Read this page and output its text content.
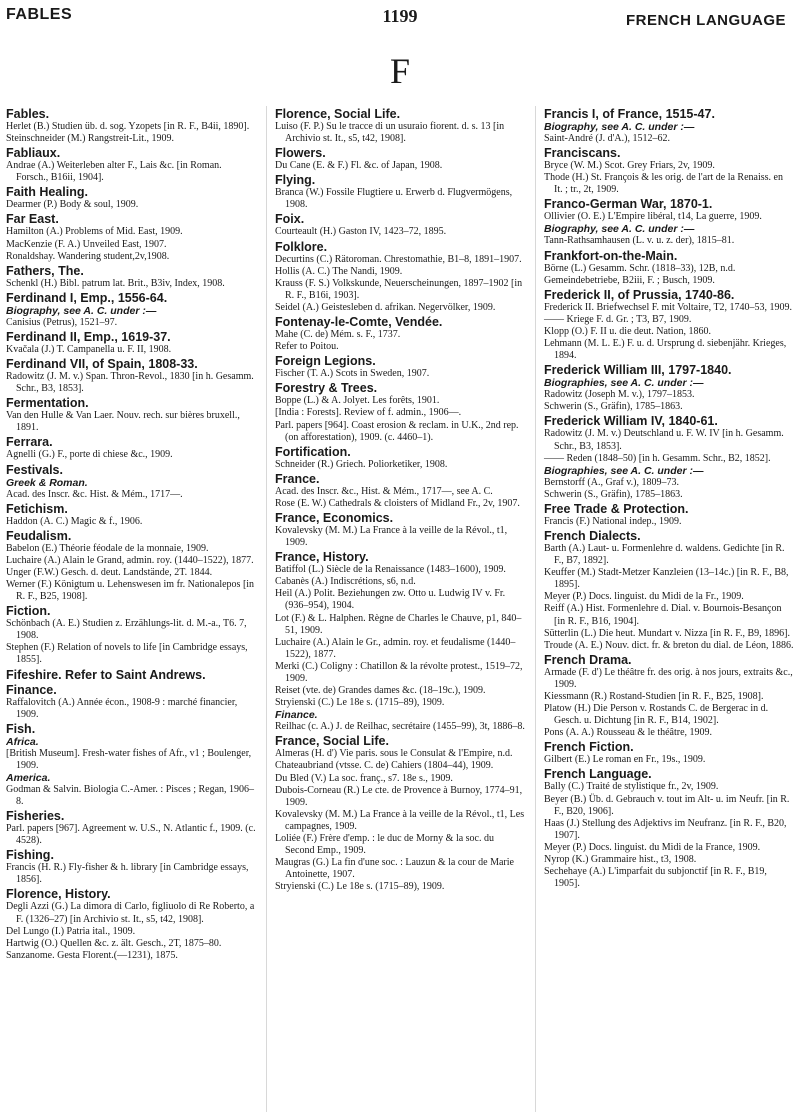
FABLES	1199	FRENCH LANGUAGE
F
Fables.

Herlet (B.) Studien üb. d. sog. Yzopets [in R. F., B4ii, 1890].

Steinschneider (M.) Rangstreit-Lit., 1909.

Fabliaux.

Andrae (A.) Weiterleben alter F., Lais &c. [in Roman. Forsch., B16ii, 1904].

Faith Healing.

Dearmer (P.) Body & soul, 1909.

Far East.

Hamilton (A.) Problems of Mid. East, 1909.

MacKenzie (F. A.) Unveiled East, 1907.

Ronaldshay. Wandering student,2v,1908.

Fathers, The.

Schenkl (H.) Bibl. patrum lat. Brit., B3iv, Index, 1908.

Ferdinand I, Emp., 1556-64.
Biography, see A. C. under :—

Canisius (Petrus), 1521–97.

Ferdinand II, Emp., 1619-37.

Kvačala (J.) T. Campanella u. F. II, 1908.

Ferdinand VII, of Spain, 1808-33.

Radowitz (J. M. v.) Span. Thron-Revol., 1830 [in h. Gesamm. Schr., B3, 1853].

Fermentation.

Van den Hulle & Van Laer. Nouv. rech. sur bières bruxell., 1891.

Ferrara.

Agnelli (G.) F., porte di chiese &c., 1909.

Festivals.
Greek & Roman.

Acad. des Inscr. &c. Hist. & Mém., 1717—.

Fetichism.

Haddon (A. C.) Magic & f., 1906.

Feudalism.

Babelon (E.) Théorie féodale de la monnaie, 1909.

Luchaire (A.) Alain le Grand, admin. roy. (1440–1522), 1877.

Unger (F.W.) Gesch. d. deut. Landstände, 2T. 1844.

Werner (F.) Königtum u. Lehenswesen im fr. Nationalepos [in R. F., B25, 1908].

Fiction.

Schönbach (A. E.) Studien z. Erzählungs-lit. d. M.-a., T6. 7, 1908.

Stephen (F.) Relation of novels to life [in Cambridge essays, 1855].

Fifeshire. Refer to Saint Andrews.
Finance.

Raffalovitch (A.) Année écon., 1908-9 : marché financier, 1909.

Fish.
Africa.

[British Museum]. Fresh-water fishes of Afr., v1 ; Boulenger, 1909.

America.

Godman & Salvin. Biologia C.-Amer. : Pisces ; Regan, 1906–8.

Fisheries.

Parl. papers [967]. Agreement w. U.S., N. Atlantic f., 1909. (c. 4528).

Fishing.

Francis (H. R.) Fly-fisher & h. library [in Cambridge essays, 1856].

Florence, History.

Degli Azzi (G.) La dimora di Carlo, figliuolo di Re Roberto, a F. (1326–27) [in Archivio st. It., s5, t42, 1908].

Del Lungo (I.) Patria ital., 1909.

Hartwig (O.) Quellen &c. z. ält. Gesch., 2T, 1875–80.

Sanzanome. Gesta Florent.(—1231), 1875.

Florence, Social Life.

Luiso (F. P.) Su le tracce di un usuraio fiorent. d. s. 13 [in Archivio st. It., s5, t42, 1908].

Flowers.

Du Cane (E. & F.) Fl. &c. of Japan, 1908.

Flying.

Branca (W.) Fossile Flugtiere u. Erwerb d. Flugvermögens, 1908.

Foix.

Courteault (H.) Gaston IV, 1423–72, 1895.

Folklore.

Decurtins (C.) Rätoroman. Chrestomathie, B1–8, 1891–1907.

Hollis (A. C.) The Nandi, 1909.

Krauss (F. S.) Volkskunde, Neuerscheinungen, 1897–1902 [in R. F., B16i, 1903].

Seidel (A.) Geistesleben d. afrikan. Negervölker, 1909.

Fontenay-le-Comte, Vendée.

Mahe (C. de) Mém. s. F., 1737.

Refer to Poitou.

Foreign Legions.

Fischer (T. A.) Scots in Sweden, 1907.

Forestry & Trees.

Boppe (L.) & A. Jolyet. Les forêts, 1901.

[India : Forests]. Review of f. admin., 1906—.

Parl. papers [964]. Coast erosion & reclam. in U.K., 2nd rep. (on afforestation), 1909. (c. 4460–1).

Fortification.

Schneider (R.) Griech. Poliorketiker, 1908.

France.

Acad. des Inscr. &c., Hist. & Mém., 1717—, see A. C.

Rose (E. W.) Cathedrals & cloisters of Midland Fr., 2v, 1907.

France, Economics.

Kovalevsky (M. M.) La France à la veille de la Révol., t1, 1909.

France, History.

Batiffol (L.) Siècle de la Renaissance (1483–1600), 1909.

Cabanès (A.) Indiscrétions, s6, n.d.

Heil (A.) Polit. Beziehungen zw. Otto u. Ludwig IV v. Fr. (936–954), 1904.

Lot (F.) & L. Halphen. Règne de Charles le Chauve, p1, 840–51, 1909.

Luchaire (A.) Alain le Gr., admin. roy. et feudalisme (1440–1522), 1877.

Merki (C.) Coligny : Chatillon & la révolte protest., 1519–72, 1909.

Reiset (vte. de) Grandes dames &c. (18–19c.), 1909.

Stryienski (C.) Le 18e s. (1715–89), 1909.

Finance.

Reilhac (c. A.) J. de Reilhac, secrétaire (1455–99), 3t, 1886–8.

France, Social Life.

Almeras (H. d') Vie paris. sous le Consulat & l'Empire, n.d.

Chateaubriand (vtsse. C. de) Cahiers (1804–44), 1909.

Du Bled (V.) La soc. franç., s7. 18e s., 1909.

Dubois-Corneau (R.) Le cte. de Provence à Burnoy, 1774–91, 1909.

Kovalevsky (M. M.) La France à la veille de la Révol., t1, Les campagnes, 1909.

Loliée (F.) Frère d'emp. : le duc de Morny & la soc. du Second Emp., 1909.

Maugras (G.) La fin d'une soc. : Lauzun & la cour de Marie Antoinette, 1907.

Stryienski (C.) Le 18e s. (1715–89), 1909.

Francis I, of France, 1515-47.
Biography, see A. C. under :—

Saint-André (J. d'A.), 1512–62.

Franciscans.

Bryce (W. M.) Scot. Grey Friars, 2v, 1909.

Thode (H.) St. François & les orig. de l'art de la Renaiss. en It. ; tr., 2t, 1909.

Franco-German War, 1870-1.

Ollivier (O. E.) L'Empire libéral, t14, La guerre, 1909.

Biography, see A. C. under :—

Tann-Rathsamhausen (L. v. u. z. der), 1815–81.

Frankfort-on-the-Main.

Börne (L.) Gesamm. Schr. (1818–33), 12B, n.d.

Gemeindebetriebe, B2iii, F. ; Busch, 1909.

Frederick II, of Prussia, 1740-86.

Frederick II. Briefwechsel F. mit Voltaire, T2, 1740–53, 1909.

—— Kriege F. d. Gr. ; T3, B7, 1909.

Klopp (O.) F. II u. die deut. Nation, 1860.

Lehmann (M. L. E.) F. u. d. Ursprung d. siebenjähr. Krieges, 1894.

Frederick William III, 1797-1840.
Biographies, see A. C. under :—

Radowitz (Joseph M. v.), 1797–1853.

Schwerin (S., Gräfin), 1785–1863.

Frederick William IV, 1840-61.

Radowitz (J. M. v.) Deutschland u. F. W. IV [in h. Gesamm. Schr., B3, 1853].

—— Reden (1848–50) [in h. Gesamm. Schr., B2, 1852].

Biographies, see A. C. under :—

Bernstorff (A., Graf v.), 1809–73.

Schwerin (S., Gräfin), 1785–1863.

Free Trade & Protection.

Francis (F.) National indep., 1909.

French Dialects.

Barth (A.) Laut- u. Formenlehre d. waldens. Gedichte [in R. F., B7, 1892].

Keuffer (M.) Stadt-Metzer Kanzleien (13–14c.) [in R. F., B8, 1895].

Meyer (P.) Docs. linguist. du Midi de la Fr., 1909.

Reiff (A.) Hist. Formenlehre d. Dial. v. Bournois-Besançon [in R. F., B16, 1904].

Sütterlin (L.) Die heut. Mundart v. Nizza [in R. F., B9, 1896].

Troude (A. E.) Nouv. dict. fr. & breton du dial. de Léon, 1886.

French Drama.

Armade (F. d') Le théâtre fr. des orig. à nos jours, extraits &c., 1909.

Kiessmann (R.) Rostand-Studien [in R. F., B25, 1908].

Platow (H.) Die Person v. Rostands C. de Bergerac in d. Gesch. u. Dichtung [in R. F., B14, 1902].

Pons (A. A.) Rousseau & le théâtre, 1909.

French Fiction.

Gilbert (E.) Le roman en Fr., 19s., 1909.

French Language.

Bally (C.) Traité de stylistique fr., 2v, 1909.

Beyer (B.) Üb. d. Gebrauch v. tout im Alt- u. im Neufr. [in R. F., B20, 1906].

Haas (J.) Stellung des Adjektivs im Neufranz. [in R. F., B20, 1907].

Meyer (P.) Docs. linguist. du Midi de la France, 1909.

Nyrop (K.) Grammaire hist., t3, 1908.

Sechehaye (A.) L'imparfait du subjonctif [in R. F., B19, 1905].
